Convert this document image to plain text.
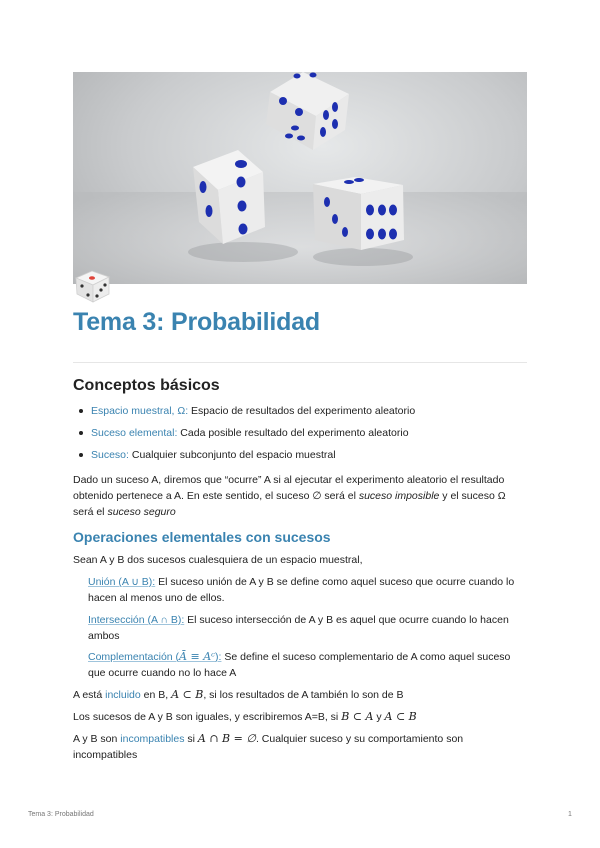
Tema 3: Probabilidad
Conceptos básicos
Espacio muestral, Ω: Espacio de resultados del experimento aleatorio
Suceso elemental: Cada posible resultado del experimento aleatorio
Suceso: Cualquier subconjunto del espacio muestral

Dado un suceso A, diremos que “ocurre” A si al ejecutar el experimento aleatorio el resultado obtenido pertenece a A. En este sentido, el suceso ∅ será el suceso imposible y el suceso Ω será el suceso seguro

Operaciones elementales con sucesos

Sean A y B dos sucesos cualesquiera de un espacio muestral,

Unión (A ∪ B): El suceso unión de A y B se define como aquel suceso que ocurre cuando lo hacen al menos uno de ellos.

Intersección (A ∩ B): El suceso intersección de A y B es aquel que ocurre cuando lo hacen ambos

Complementación (Ā ≡ Aᶜ): Se define el suceso complementario de A como aquel suceso que ocurre cuando no lo hace A

A está incluido en B, A ⊂ B, si los resultados de A también lo son de B

Los sucesos de A y B son iguales, y escribiremos A=B, si B ⊂ A y A ⊂ B

A y B son incompatibles si A ∩ B = ∅. Cualquier suceso y su comportamiento son incompatibles

Tema 3: Probabilidad	1
